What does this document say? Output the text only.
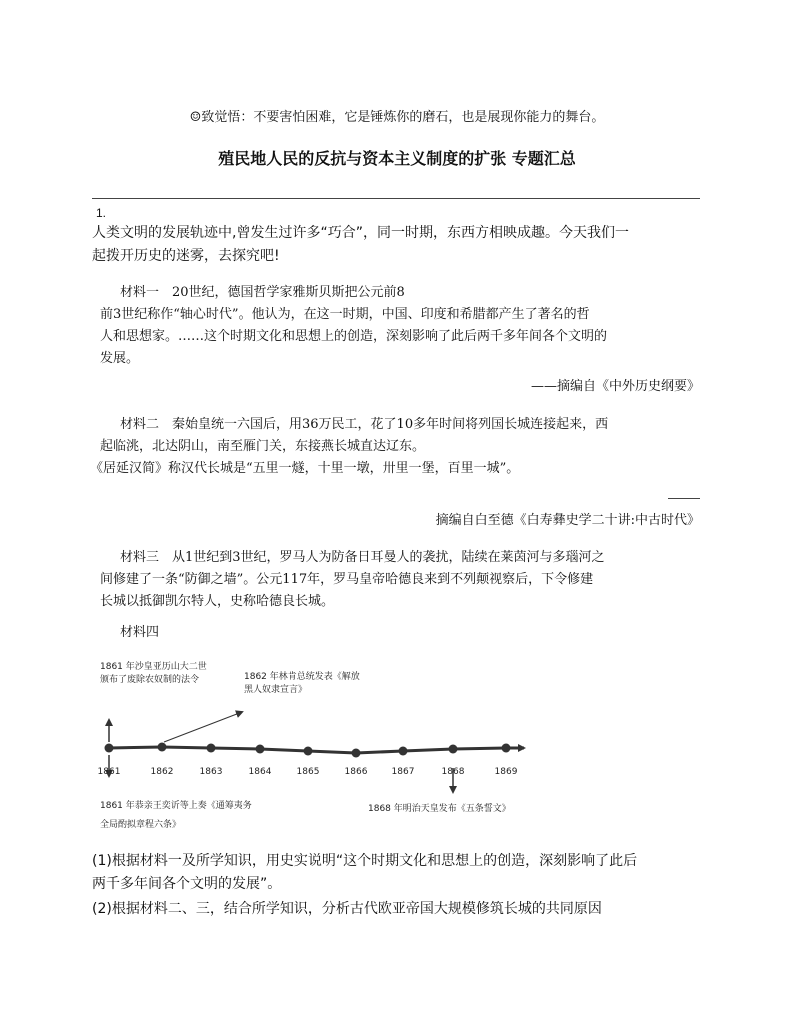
☺致觉悟：不要害怕困难，它是锤炼你的磨石，也是展现你能力的舞台。
殖民地人民的反抗与资本主义制度的扩张 专题汇总
1.
人类文明的发展轨迹中,曾发生过许多“巧合”，同一时期，东西方相映成趣。今天我们一
起拨开历史的迷雾，去探究吧!
材料一　20世纪，德国哲学家雅斯贝斯把公元前8
前3世纪称作“轴心时代”。他认为，在这一时期，中国、印度和希腊都产生了著名的哲
人和思想家。……这个时期文化和思想上的创造，深刻影响了此后两千多年间各个文明的
发展。
——摘编自《中外历史纲要》
材料二　秦始皇统一六国后，用36万民工，花了10多年时间将列国长城连接起来，西
起临洮，北达阴山，南至雁门关，东接燕长城直达辽东。
《居延汉简》称汉代长城是“五里一燧，十里一墩，卅里一堡，百里一城”。
摘编自白至德《白寿彝史学二十讲:中古时代》
材料三　从1世纪到3世纪，罗马人为防备日耳曼人的袭扰，陆续在莱茵河与多瑙河之
间修建了一条“防御之墙”。公元117年，罗马皇帝哈德良来到不列颠视察后，下令修建
长城以抵御凯尔特人，史称哈德良长城。
材料四
1861 年沙皇亚历山大二世
颁布了废除农奴制的法令	1862 年林肯总统发表《解放
黑人奴隶宣言》
1861 年恭亲王奕䜣等上奏《通筹夷务
全局酌拟章程六条》
1868 年明治天皇发布《五条誓文》
1861	1862	1863	1864	1865	1866	1867	1868	1869
(1)根据材料一及所学知识，用史实说明“这个时期文化和思想上的创造，深刻影响了此后
两千多年间各个文明的发展”。
(2)根据材料二、三，结合所学知识，分析古代欧亚帝国大规模修筑长城的共同原因
